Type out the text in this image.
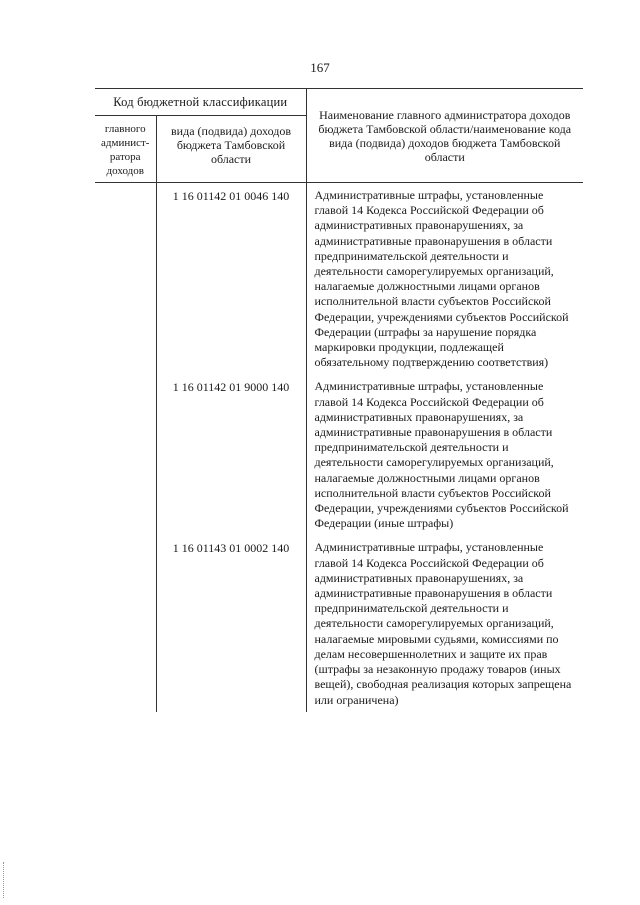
167
Код бюджетной классификации		Наименование главного администратора доходов бюджета Тамбовской области/наименование кода вида (подвида) доходов бюджета Тамбовской области
главного админист-ратора доходов	вида (подвида) доходов бюджета Тамбовской области	
	1 16 01142 01 0046 140	Административные штрафы, установленные главой 14 Кодекса Российской Федерации об административных правонарушениях, за административные правонарушения в области предпринимательской деятельности и деятельности саморегулируемых организаций, налагаемые должностными лицами органов исполнительной власти субъектов Российской Федерации, учреждениями субъектов Российской Федерации (штрафы за нарушение порядка маркировки продукции, подлежащей обязательному подтверждению соответствия)
	1 16 01142 01 9000 140	Административные штрафы, установленные главой 14 Кодекса Российской Федерации об административных правонарушениях, за административные правонарушения в области предпринимательской деятельности и деятельности саморегулируемых организаций, налагаемые должностными лицами органов исполнительной власти субъектов Российской Федерации, учреждениями субъектов Российской Федерации (иные штрафы)
	1 16 01143 01 0002 140	Административные штрафы, установленные главой 14 Кодекса Российской Федерации об административных правонарушениях, за административные правонарушения в области предпринимательской деятельности и деятельности саморегулируемых организаций, налагаемые мировыми судьями, комиссиями по делам несовершеннолетних и защите их прав (штрафы за незаконную продажу товаров (иных вещей), свободная реализация которых запрещена или ограничена)
